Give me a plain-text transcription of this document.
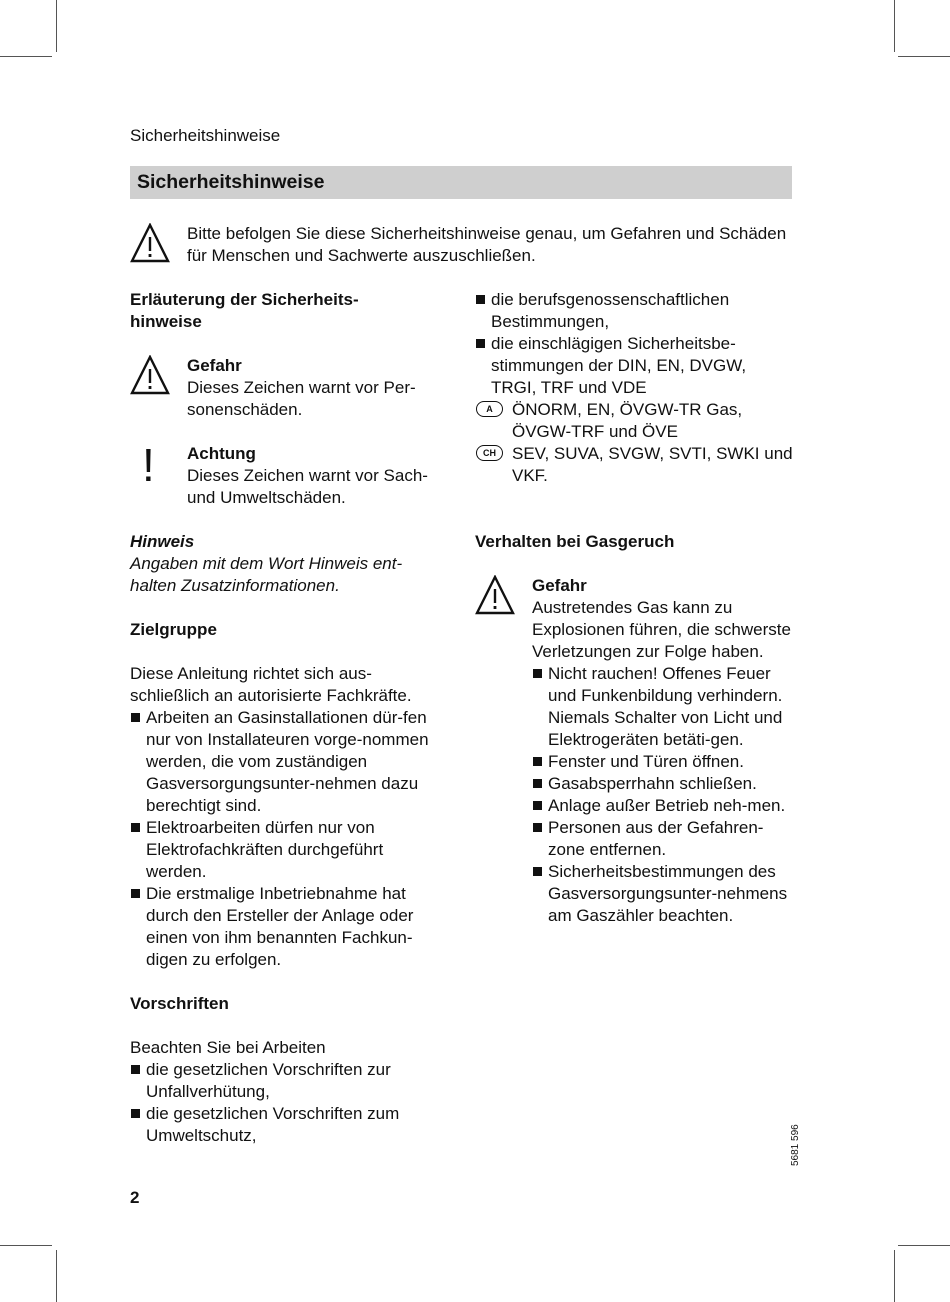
Sicherheitshinweise
Sicherheitshinweise

Bitte befolgen Sie diese Sicherheitshinweise genau, um Gefahren und Schäden für Menschen und Sachwerte auszuschließen.

Erläuterung der Sicherheits-

hinweise

Gefahr

Dieses Zeichen warnt vor Per-sonenschäden.

! Achtung

Dieses Zeichen warnt vor Sach- und Umweltschäden.

Hinweis

Angaben mit dem Wort Hinweis ent-halten Zusatzinformationen.

Zielgruppe

Diese Anleitung richtet sich aus-schließlich an autorisierte Fachkräfte.

Arbeiten an Gasinstallationen dür-fen nur von Installateuren vorge-nommen werden, die vom zuständigen Gasversorgungsunter-nehmen dazu berechtigt sind.
Elektroarbeiten dürfen nur von Elektrofachkräften durchgeführt werden.
Die erstmalige Inbetriebnahme hat durch den Ersteller der Anlage oder einen von ihm benannten Fachkun-digen zu erfolgen.

Vorschriften

Beachten Sie bei Arbeiten

die gesetzlichen Vorschriften zur Unfallverhütung,
die gesetzlichen Vorschriften zum Umweltschutz,
die berufsgenossenschaftlichen Bestimmungen,
die einschlägigen Sicherheitsbe-stimmungen der DIN, EN, DVGW, TRGI, TRF und VDE
A	ÖNORM, EN, ÖVGW-TR Gas, ÖVGW-TRF und ÖVE
CH SEV, SUVA, SVGW, SVTI, SWKI und VKF.

Verhalten bei Gasgeruch

Gefahr

Austretendes Gas kann zu Explosionen führen, die schwerste Verletzungen zur Folge haben.

Nicht rauchen! Offenes Feuer und Funkenbildung verhindern.
Niemals Schalter von Licht und Elektrogeräten betäti-gen.
Fenster und Türen öffnen.
Gasabsperrhahn schließen.
Anlage außer Betrieb neh-men.
Personen aus der Gefahren-zone entfernen.
Sicherheitsbestimmungen des Gasversorgungsunter-nehmens am Gaszähler beachten.
5681 596
2
